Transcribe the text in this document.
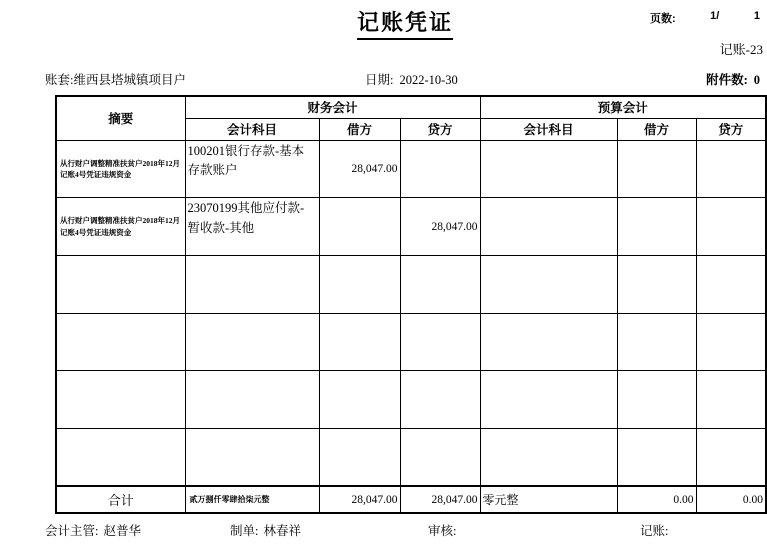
记账凭证	页数:	1/	1
记账-23
账套:维西县塔城镇项目户	日期: 2022-10-30	附件数: 0
摘要	财务会计			预算会计		
	会计科目	借方	贷方	会计科目	借方	贷方
从行财户调整精准扶贫户2018年12月记账4号凭证违规资金	100201银行存款-基本存款账户	28,047.00				
从行财户调整精准扶贫户2018年12月记账4号凭证违规资金	23070199其他应付款-暂收款-其他		28,047.00			

合计	贰万捌仟零肆拾柒元整	28,047.00	28,047.00	零元整	0.00	0.00
会计主管: 赵普华	制单: 林春祥	审核:	记账:
